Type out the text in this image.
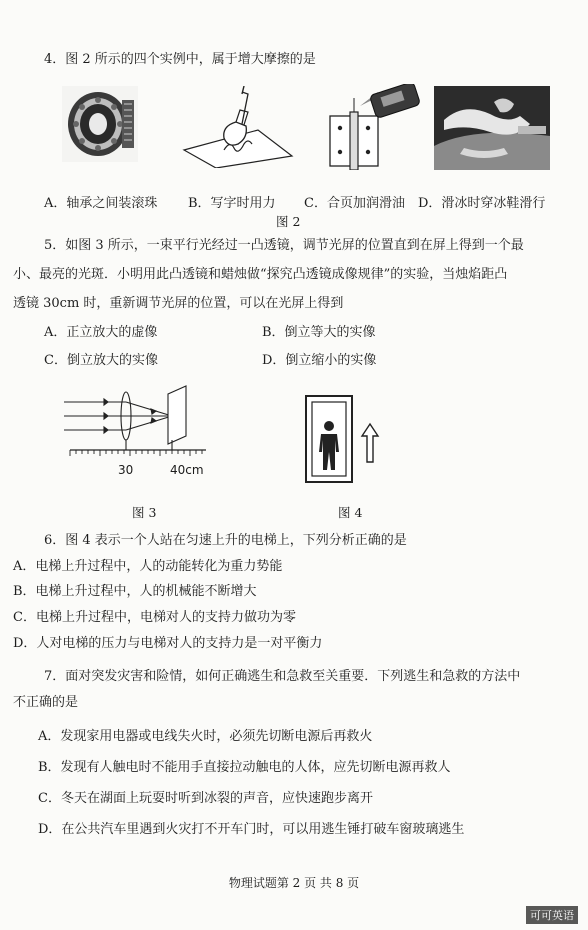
4．图 2 所示的四个实例中，属于增大摩擦的是
A．轴承之间装滚珠 B．写字时用力 C．合页加润滑油 D．滑冰时穿冰鞋滑行
图 2
5．如图 3 所示，一束平行光经过一凸透镜，调节光屏的位置直到在屏上得到一个最
小、最亮的光斑．小明用此凸透镜和蜡烛做“探究凸透镜成像规律”的实验，当烛焰距凸
透镜 30cm 时，重新调节光屏的位置，可以在光屏上得到
A．正立放大的虚像	B．倒立等大的实像
C．倒立放大的实像	D．倒立缩小的实像
30	40cm
图 3	图 4
6．图 4 表示一个人站在匀速上升的电梯上，下列分析正确的是
A．电梯上升过程中，人的动能转化为重力势能
B．电梯上升过程中，人的机械能不断增大
C．电梯上升过程中，电梯对人的支持力做功为零
D．人对电梯的压力与电梯对人的支持力是一对平衡力
7．面对突发灾害和险情，如何正确逃生和急救至关重要．下列逃生和急救的方法中
不正确的是
A．发现家用电器或电线失火时，必须先切断电源后再救火
B．发现有人触电时不能用手直接拉动触电的人体，应先切断电源再救人
C．冬天在湖面上玩耍时听到冰裂的声音，应快速跑步离开
D．在公共汽车里遇到火灾打不开车门时，可以用逃生锤打破车窗玻璃逃生
物理试题第 2 页 共 8 页
可可英语
